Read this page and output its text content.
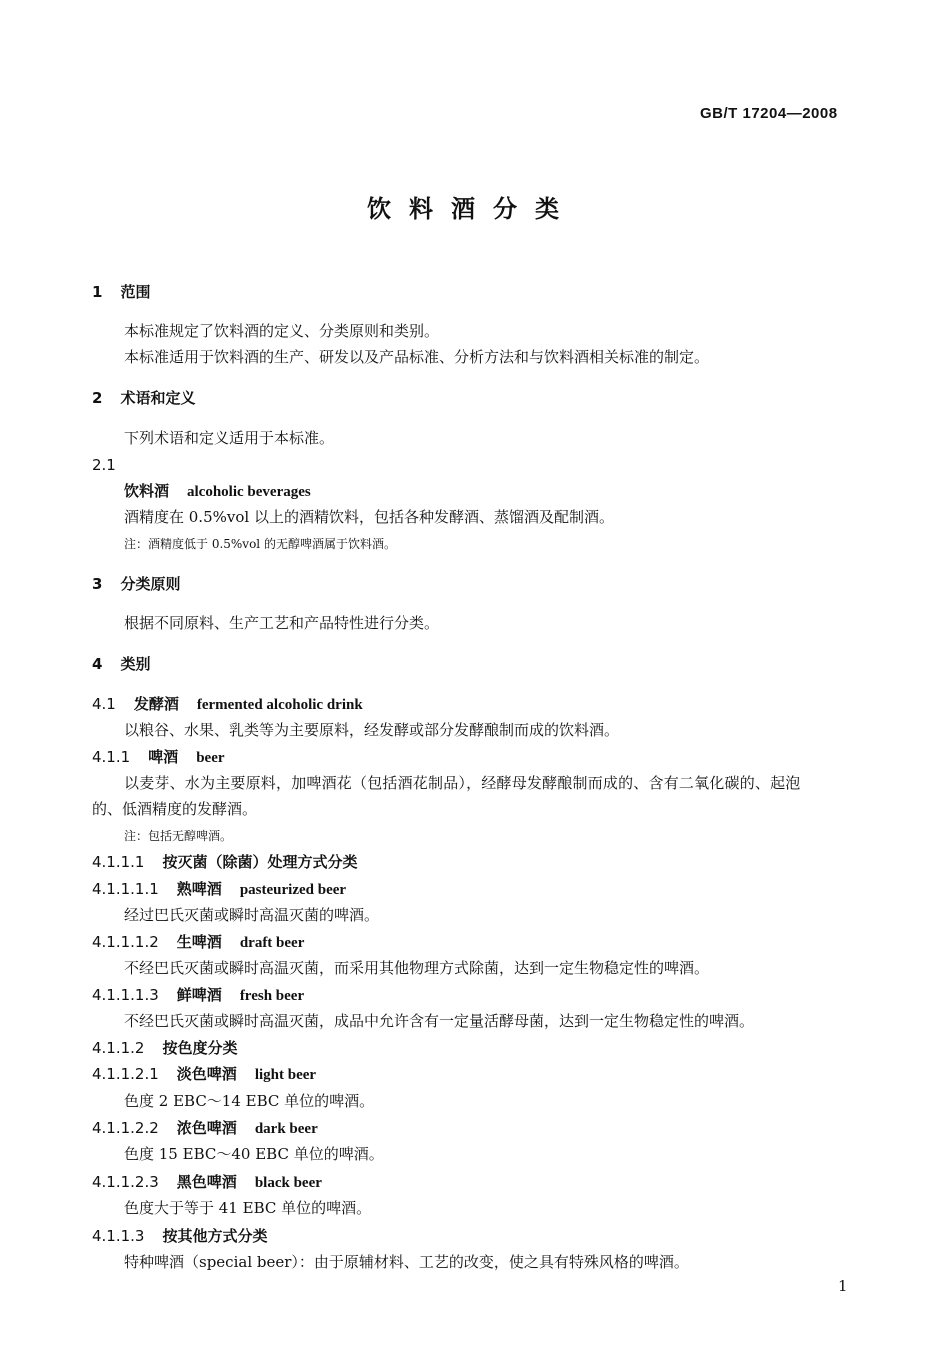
GB/T 17204—2008
饮料酒分类
1 范围
本标准规定了饮料酒的定义、分类原则和类别。
本标准适用于饮料酒的生产、研发以及产品标准、分析方法和与饮料酒相关标准的制定。
2 术语和定义
下列术语和定义适用于本标准。
2.1
饮料酒 alcoholic beverages
酒精度在 0.5%vol 以上的酒精饮料，包括各种发酵酒、蒸馏酒及配制酒。
注：酒精度低于 0.5%vol 的无醇啤酒属于饮料酒。
3 分类原则
根据不同原料、生产工艺和产品特性进行分类。
4 类别
4.1 发酵酒 fermented alcoholic drink
以粮谷、水果、乳类等为主要原料，经发酵或部分发酵酿制而成的饮料酒。
4.1.1 啤酒 beer
以麦芽、水为主要原料，加啤酒花（包括酒花制品），经酵母发酵酿制而成的、含有二氧化碳的、起泡
的、低酒精度的发酵酒。
注：包括无醇啤酒。
4.1.1.1 按灭菌（除菌）处理方式分类
4.1.1.1.1 熟啤酒 pasteurized beer
经过巴氏灭菌或瞬时高温灭菌的啤酒。
4.1.1.1.2 生啤酒 draft beer
不经巴氏灭菌或瞬时高温灭菌，而采用其他物理方式除菌，达到一定生物稳定性的啤酒。
4.1.1.1.3 鲜啤酒 fresh beer
不经巴氏灭菌或瞬时高温灭菌，成品中允许含有一定量活酵母菌，达到一定生物稳定性的啤酒。
4.1.1.2 按色度分类
4.1.1.2.1 淡色啤酒 light beer
色度 2 EBC～14 EBC 单位的啤酒。
4.1.1.2.2 浓色啤酒 dark beer
色度 15 EBC～40 EBC 单位的啤酒。
4.1.1.2.3 黑色啤酒 black beer
色度大于等于 41 EBC 单位的啤酒。
4.1.1.3 按其他方式分类
特种啤酒（special beer）：由于原辅材料、工艺的改变，使之具有特殊风格的啤酒。
1
